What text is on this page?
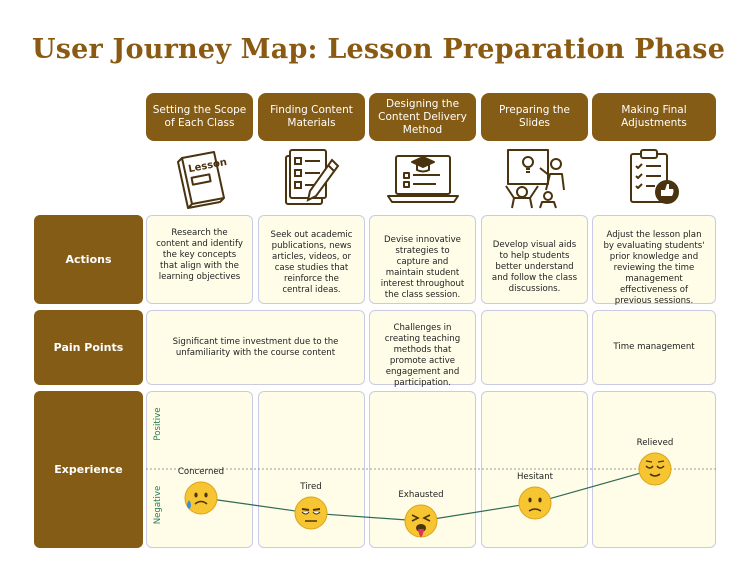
User Journey Map: Lesson Preparation Phase
Setting the Scope of Each Class
Finding Content Materials
Designing the Content Delivery Method
Preparing the Slides
Making Final Adjustments
Lesson
Actions
Pain Points
Experience
Research the content and identify the key concepts that align with the learning objectives
Seek out academic publications, news articles, videos, or case studies that reinforce the central ideas.
Devise innovative strategies to capture and maintain student interest throughout the class session.
Develop visual aids to help students better understand and follow the class discussions.
Adjust the lesson plan by evaluating students' prior knowledge and reviewing the time management effectiveness of previous sessions.
Significant time investment due to the unfamiliarity with the course content
Challenges in creating teaching methods that promote active engagement and participation.
Time management
Positive
Negative
Concerned
Tired
Exhausted
Hesitant
Relieved
